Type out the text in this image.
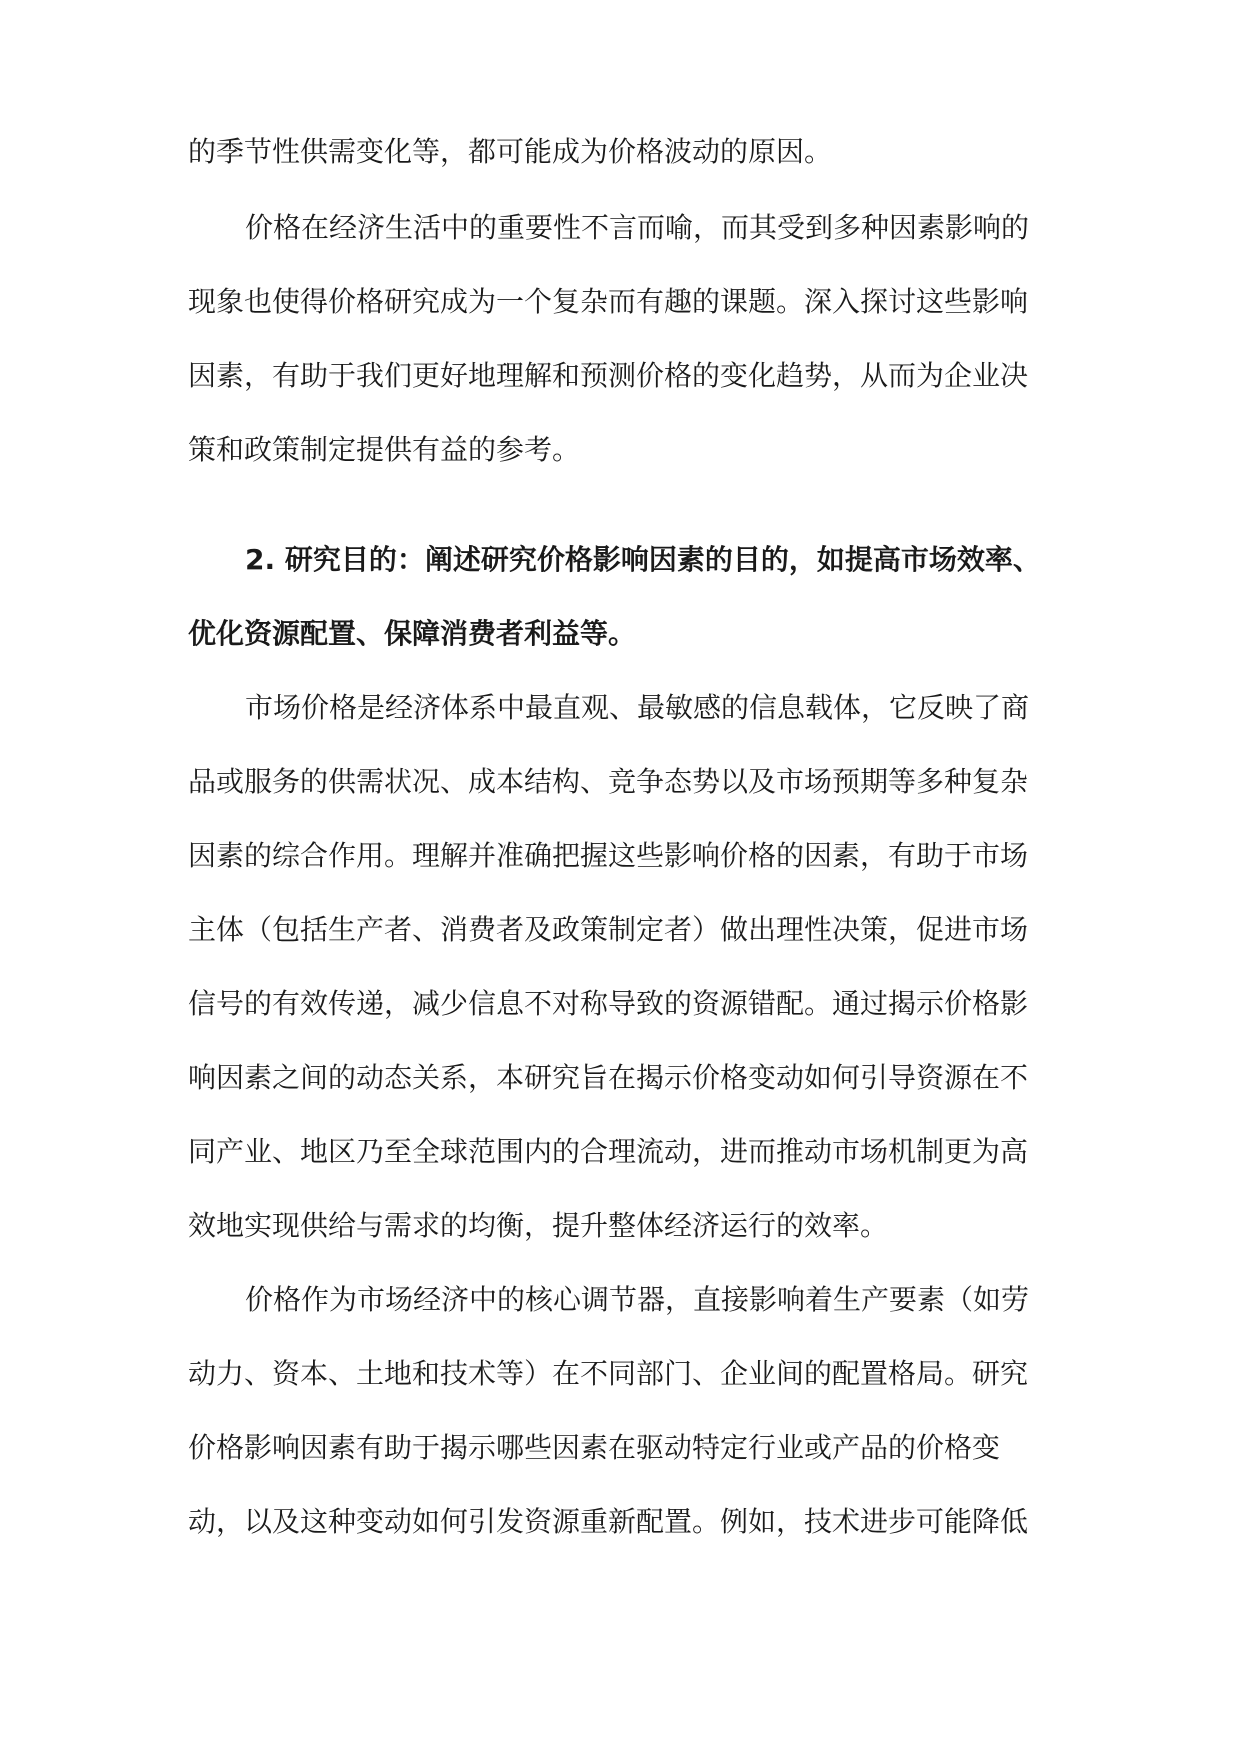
的季节性供需变化等，都可能成为价格波动的原因。
价格在经济生活中的重要性不言而喻，而其受到多种因素影响的
现象也使得价格研究成为一个复杂而有趣的课题。深入探讨这些影响
因素，有助于我们更好地理解和预测价格的变化趋势，从而为企业决
策和政策制定提供有益的参考。
2. 研究目的：阐述研究价格影响因素的目的，如提高市场效率、
优化资源配置、保障消费者利益等。
市场价格是经济体系中最直观、最敏感的信息载体，它反映了商
品或服务的供需状况、成本结构、竞争态势以及市场预期等多种复杂
因素的综合作用。理解并准确把握这些影响价格的因素，有助于市场
主体（包括生产者、消费者及政策制定者）做出理性决策，促进市场
信号的有效传递，减少信息不对称导致的资源错配。通过揭示价格影
响因素之间的动态关系，本研究旨在揭示价格变动如何引导资源在不
同产业、地区乃至全球范围内的合理流动，进而推动市场机制更为高
效地实现供给与需求的均衡，提升整体经济运行的效率。
价格作为市场经济中的核心调节器，直接影响着生产要素（如劳
动力、资本、土地和技术等）在不同部门、企业间的配置格局。研究
价格影响因素有助于揭示哪些因素在驱动特定行业或产品的价格变
动，以及这种变动如何引发资源重新配置。例如，技术进步可能降低
